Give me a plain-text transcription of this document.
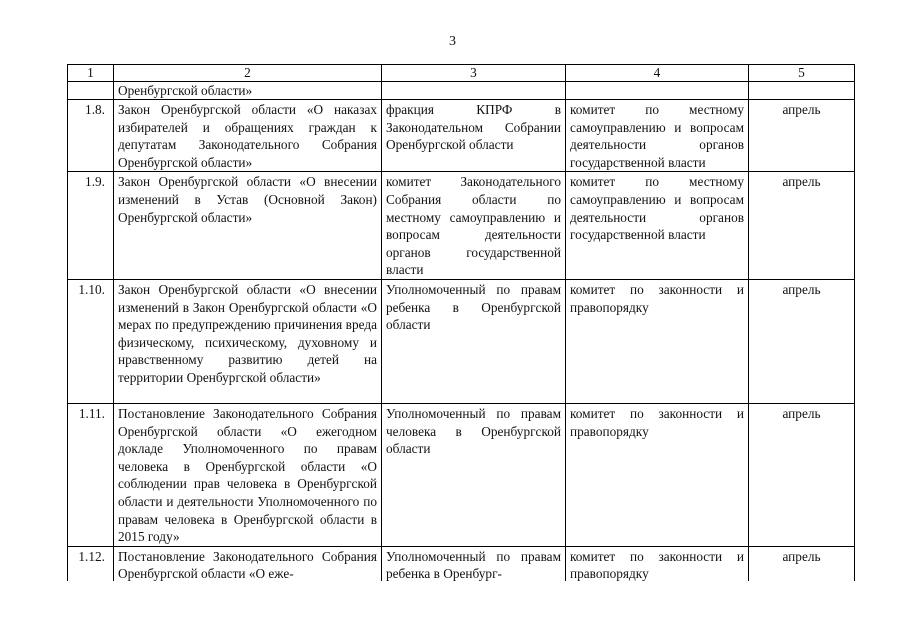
3
1	2	3	4	5
	Оренбургской области»			
1.8.	Закон Оренбургской области «О наказах избирателей и обращениях граждан к депутатам Законодательного Собрания Оренбургской области»	фракция КПРФ в Законодательном Собрании Оренбургской области	комитет по местному самоуправлению и вопросам деятельности органов государственной власти	апрель
1.9.	Закон Оренбургской области «О внесении изменений в Устав (Основной Закон) Оренбургской области»	комитет Законодательного Собрания области по местному самоуправлению и вопросам деятельности органов государственной власти	комитет по местному самоуправлению и вопросам деятельности органов государственной власти	апрель
1.10.	Закон Оренбургской области «О внесении изменений в Закон Оренбургской области «О мерах по предупреждению причинения вреда физическому, психическому, духовному и нравственному развитию детей на территории Оренбургской области»	Уполномоченный по правам ребенка в Оренбургской области	комитет по законности и правопорядку	апрель
1.11.	Постановление Законодательного Собрания Оренбургской области «О ежегодном докладе Уполномоченного по правам человека в Оренбургской области «О соблюдении прав человека в Оренбургской области и деятельности Уполномоченного по правам человека в Оренбургской области в 2015 году»	Уполномоченный по правам человека в Оренбургской области	комитет по законности и правопорядку	апрель
1.12.	Постановление Законодательного Собрания Оренбургской области «О еже-	Уполномоченный по правам ребенка в Оренбург-	комитет по законности и правопорядку	апрель
